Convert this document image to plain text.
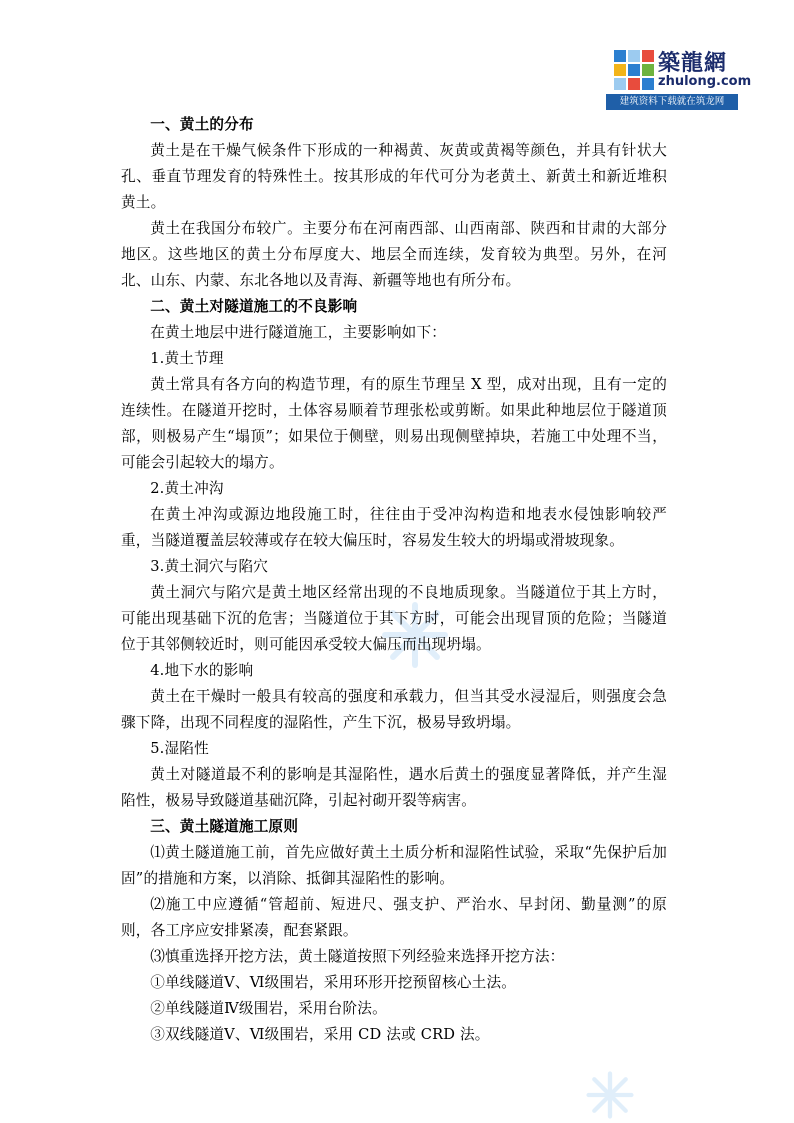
築龍網
zhulong.com
建筑资料下载就在筑龙网

一、黄土的分布

黄土是在干燥气候条件下形成的一种褐黄、灰黄或黄褐等颜色，并具有针状大孔、垂直节理发育的特殊性土。按其形成的年代可分为老黄土、新黄土和新近堆积黄土。

黄土在我国分布较广。主要分布在河南西部、山西南部、陕西和甘肃的大部分地区。这些地区的黄土分布厚度大、地层全而连续，发育较为典型。另外，在河北、山东、内蒙、东北各地以及青海、新疆等地也有所分布。

二、黄土对隧道施工的不良影响

在黄土地层中进行隧道施工，主要影响如下：

1.黄土节理

黄土常具有各方向的构造节理，有的原生节理呈 X 型，成对出现，且有一定的连续性。在隧道开挖时，土体容易顺着节理张松或剪断。如果此种地层位于隧道顶部，则极易产生“塌顶”；如果位于侧壁，则易出现侧壁掉块，若施工中处理不当，可能会引起较大的塌方。

2.黄土冲沟

在黄土冲沟或源边地段施工时，往往由于受冲沟构造和地表水侵蚀影响较严重，当隧道覆盖层较薄或存在较大偏压时，容易发生较大的坍塌或滑坡现象。

3.黄土洞穴与陷穴

黄土洞穴与陷穴是黄土地区经常出现的不良地质现象。当隧道位于其上方时，可能出现基础下沉的危害；当隧道位于其下方时，可能会出现冒顶的危险；当隧道位于其邻侧较近时，则可能因承受较大偏压而出现坍塌。

4.地下水的影响

黄土在干燥时一般具有较高的强度和承载力，但当其受水浸湿后，则强度会急骤下降，出现不同程度的湿陷性，产生下沉，极易导致坍塌。

5.湿陷性

黄土对隧道最不利的影响是其湿陷性，遇水后黄土的强度显著降低，并产生湿陷性，极易导致隧道基础沉降，引起衬砌开裂等病害。

三、黄土隧道施工原则

⑴黄土隧道施工前，首先应做好黄土土质分析和湿陷性试验，采取“先保护后加固”的措施和方案，以消除、抵御其湿陷性的影响。

⑵施工中应遵循“管超前、短进尺、强支护、严治水、早封闭、勤量测”的原则，各工序应安排紧凑，配套紧跟。

⑶慎重选择开挖方法，黄土隧道按照下列经验来选择开挖方法：

①单线隧道Ⅴ、Ⅵ级围岩，采用环形开挖预留核心土法。

②单线隧道Ⅳ级围岩，采用台阶法。

③双线隧道Ⅴ、Ⅵ级围岩，采用 CD 法或 CRD 法。
